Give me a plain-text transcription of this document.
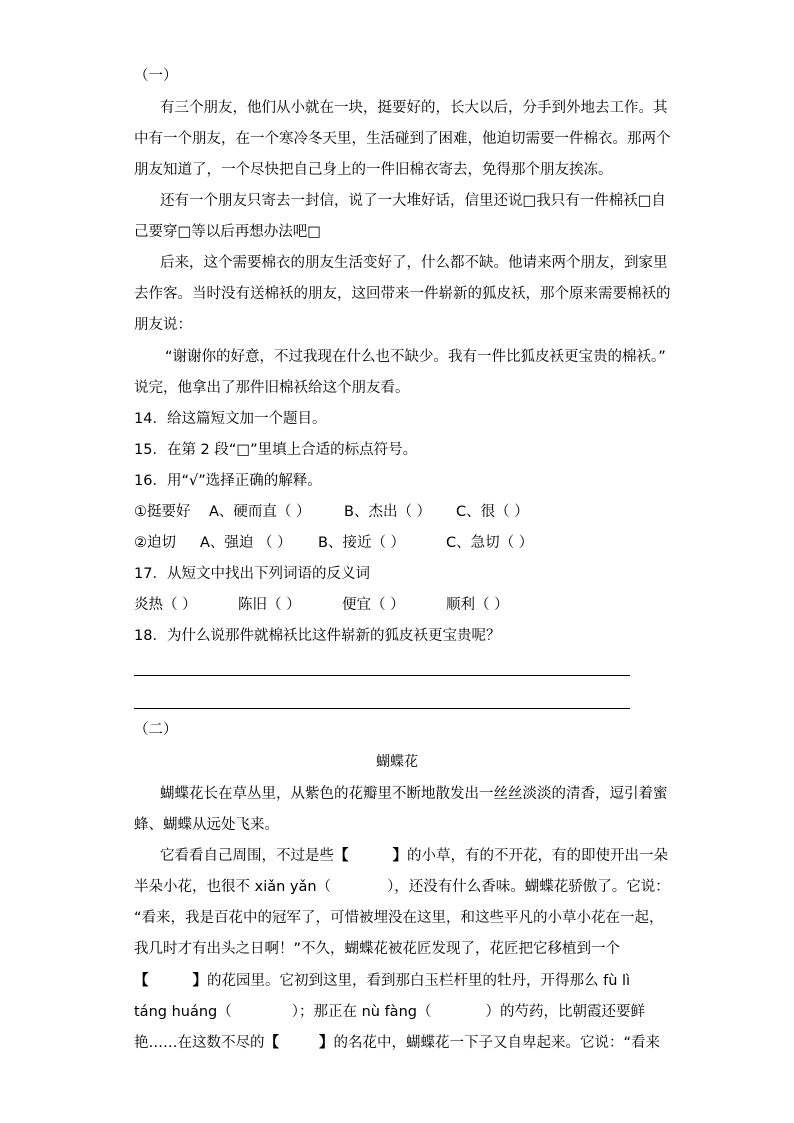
（一）
有三个朋友，他们从小就在一块，挺要好的，长大以后，分手到外地去工作。其
中有一个朋友，在一个寒冷冬天里，生活碰到了困难，他迫切需要一件棉衣。那两个
朋友知道了，一个尽快把自己身上的一件旧棉衣寄去，免得那个朋友挨冻。
还有一个朋友只寄去一封信，说了一大堆好话，信里还说□我只有一件棉袄□自
己要穿□等以后再想办法吧□
后来，这个需要棉衣的朋友生活变好了，什么都不缺。他请来两个朋友，到家里
去作客。当时没有送棉袄的朋友，这回带来一件崭新的狐皮袄，那个原来需要棉袄的
朋友说：
“谢谢你的好意，不过我现在什么也不缺少。我有一件比狐皮袄更宝贵的棉袄。”
说完，他拿出了那件旧棉袄给这个朋友看。
14．给这篇短文加一个题目。
15．在第 2 段“□”里填上合适的标点符号。
16．用“√”选择正确的解释。
①挺要好 A、硬而直（ ） B、杰出（ ） C、很（ ）
②迫切 A、强迫 （ ） B、接近（ ）	C、急切（ ）
17．从短文中找出下列词语的反义词
炎热（ ）	陈旧（ ）	便宜（ ）	顺利（ ）
18．为什么说那件就棉袄比这件崭新的狐皮袄更宝贵呢？
（二）
蝴蝶花
蝴蝶花长在草丛里，从紫色的花瓣里不断地散发出一丝丝淡淡的清香，逗引着蜜
蜂、蝴蝶从远处飞来。
它看看自己周围，不过是些【	】的小草，有的不开花，有的即使开出一朵
半朵小花，也很不 xiǎn yǎn（	），还没有什么香味。蝴蝶花骄傲了。它说：
“看来，我是百花中的冠军了，可惜被埋没在这里，和这些平凡的小草小花在一起，
我几时才有出头之日啊！”不久，蝴蝶花被花匠发现了，花匠把它移植到一个
【	】的花园里。它初到这里，看到那白玉栏杆里的牡丹，开得那么 fù lì
táng huáng（	）；那正在 nù fàng（	）的芍药，比朝霞还要鲜
艳……在这数不尽的【	】的名花中，蝴蝶花一下子又自卑起来。它说：“看来
